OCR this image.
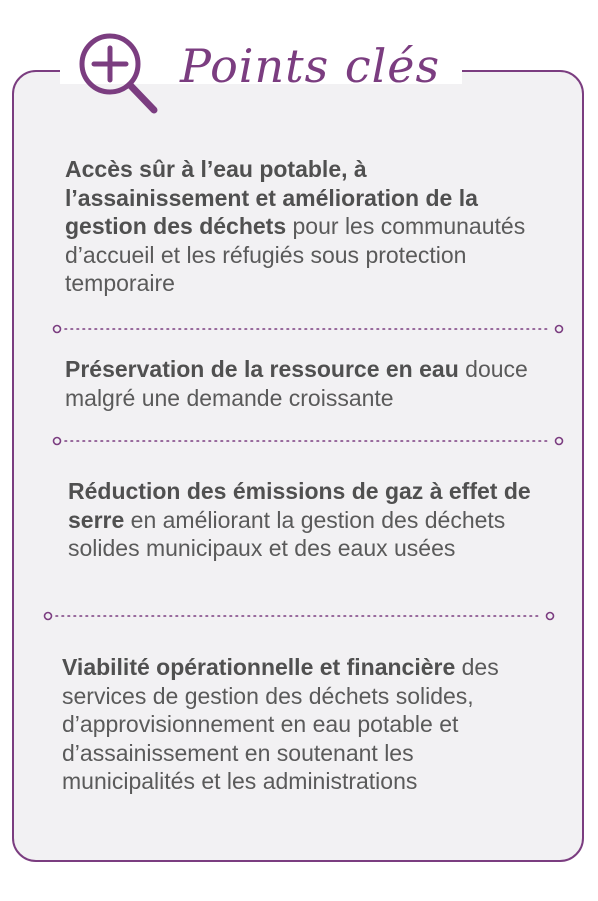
Points clés

Accès sûr à l’eau potable, à l’assainissement et amélioration de la gestion des déchets pour les communautés d’accueil et les réfugiés sous protection temporaire

Préservation de la ressource en eau douce malgré une demande croissante

Réduction des émissions de gaz à effet de serre en améliorant la gestion des déchets solides municipaux et des eaux usées

Viabilité opérationnelle et financière des services de gestion des déchets solides, d’approvisionnement en eau potable et d’assainissement en soutenant les municipalités et les administrations
